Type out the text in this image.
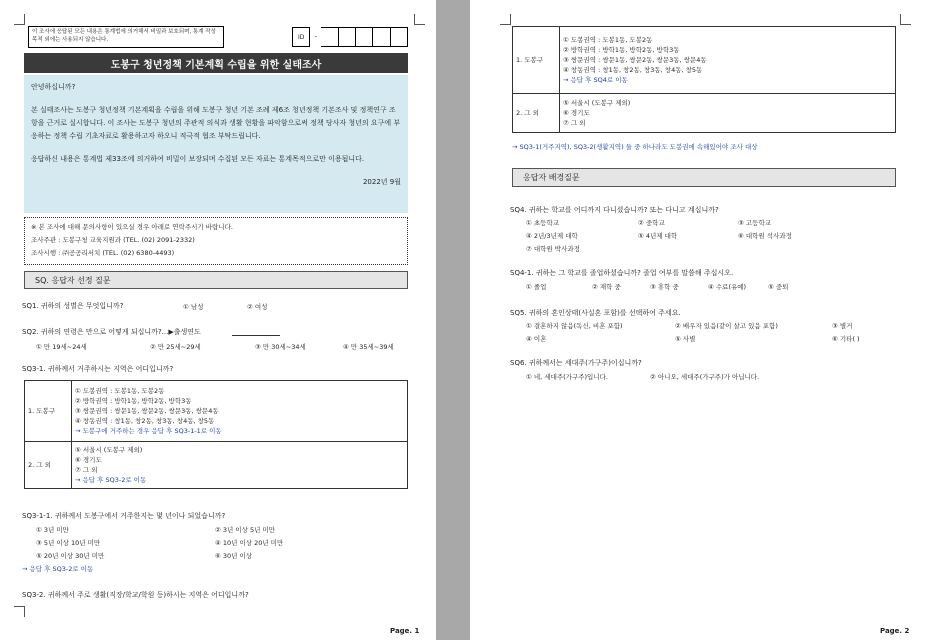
이 조사에 응답된 모든 내용은 통계법에 의거해서 비밀과 보호되며, 통계 작성 목적 외에는 사용되지 않습니다.	ID	-
도봉구 청년정책 기본계획 수립을 위한 실태조사

안녕하십니까?

본 실태조사는 도봉구 청년정책 기본계획을 수립을 위해 도봉구 청년 기본 조례 제6조 청년정책 기본조사 및 정책연구 조항을 근거로 실시합니다. 이 조사는 도봉구 청년의 주관적 의식과 생활 현황을 파악함으로써 정책 당사자 청년의 요구에 부응하는 정책 수립 기초자료로 활용하고자 하오니 적극적 협조 부탁드립니다.

응답하신 내용은 통계법 제33조에 의거하여 비밀이 보장되며 수집된 모든 자료는 통계목적으로만 이용됩니다.

2022년 9월

※ 본 조사에 대해 문의사항이 있으실 경우 아래로 연락주시기 바랍니다.
조사주관 : 도봉구청 교육지원과 (TEL. (02) 2091-2332)
조사시행 : ㈜공공리서치 (TEL. (02) 6380-4493)
SQ. 응답자 선정 질문
SQ1. 귀하의 성별은 무엇입니까?	① 남성	② 여성
SQ2. 귀하의 연령은 만으로 어떻게 되십니까?...▶출생연도
① 만 19세~24세	② 만 25세~29세	③ 만 30세~34세	④ 만 35세~39세
SQ3-1. 귀하께서 거주하시는 지역은 어디입니까?
1. 도봉구	① 도봉권역 : 도봉1동, 도봉2동
② 방학권역 : 방학1동, 방학2동, 방학3동
③ 쌍문권역 : 쌍문1동, 쌍문2동, 쌍문3동, 쌍문4동
④ 창동권역 : 창1동, 창2동, 창3동, 창4동, 창5동
→ 도봉구에 거주하는 경우 응답 후 SQ3-1-1로 이동

2. 그 외	⑤ 서울시 (도봉구 제외)
⑥ 경기도
⑦ 그 외
→ 응답 후 SQ3-2로 이동
SQ3-1-1. 귀하께서 도봉구에서 거주한지는 몇 년이나 되었습니까?
① 3년 미만	② 3년 이상 5년 미만
③ 5년 이상 10년 미만	④ 10년 이상 20년 미만
⑤ 20년 이상 30년 미만	⑥ 30년 이상
→ 응답 후 SQ3-2로 이동
SQ3-2. 귀하께서 주로 생활(직장/학교/학원 등)하시는 지역은 어디입니까?
Page. 1
1. 도봉구	① 도봉권역 : 도봉1동, 도봉2동
② 방학권역 : 방학1동, 방학2동, 방학3동
③ 쌍문권역 : 쌍문1동, 쌍문2동, 쌍문3동, 쌍문4동
④ 창동권역 : 창1동, 창2동, 창3동, 창4동, 창5동
→ 응답 후 SQ4로 이동

2. 그 외	⑤ 서울시 (도봉구 제외)
⑥ 경기도
⑦ 그 외
→ SQ3-1(거주지역), SQ3-2(생활지역) 둘 중 하나라도 도봉권에 속해있어야 조사 대상
응답자 배경질문
SQ4. 귀하는 학교를 어디까지 다니셨습니까? 또는 다니고 계십니까?
① 초등학교	② 중학교	③ 고등학교
④ 2년/3년제 대학	⑤ 4년제 대학	⑥ 대학원 석사과정
⑦ 대학원 박사과정
SQ4-1. 귀하는 그 학교를 졸업하셨습니까? 졸업 여부를 말씀해 주십시오.
① 졸업	② 재학 중	③ 휴학 중	④ 수료(유예)	⑤ 중퇴
SQ5. 귀하의 혼인상태(사실혼 포함)를 선택하여 주세요.
① 결혼하지 않음(독신, 비혼 포함)	② 배우자 있음(같이 살고 있음 포함)	③ 별거
④ 이혼	⑤ 사별	⑥ 기타( )
SQ6. 귀하께서는 세대주(가구주)이십니까?
① 네, 세대주(가구주)입니다.	② 아니오, 세대주(가구주)가 아닙니다.
Page. 2
